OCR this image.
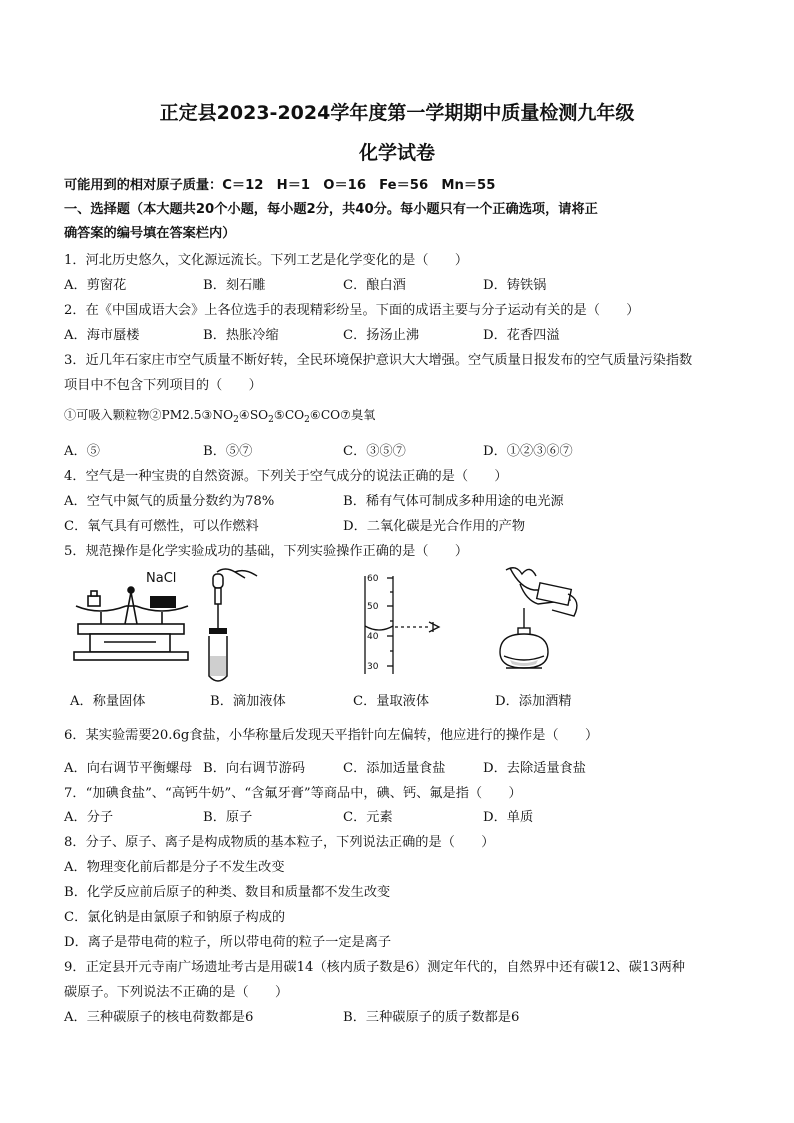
正定县2023-2024学年度第一学期期中质量检测九年级
化学试卷
可能用到的相对原子质量：C＝12　H＝1　O＝16　Fe＝56　Mn＝55
一、选择题（本大题共20个小题，每小题2分，共40分。每小题只有一个正确选项，请将正
确答案的编号填在答案栏内）
1．河北历史悠久，文化源远流长。下列工艺是化学变化的是（　　）
A．剪窗花	B．刻石雕	C．酿白酒	D．铸铁锅
2．在《中国成语大会》上各位选手的表现精彩纷呈。下面的成语主要与分子运动有关的是（　　）
A．海市蜃楼	B．热胀冷缩	C．扬汤止沸	D．花香四溢
3．近几年石家庄市空气质量不断好转，全民环境保护意识大大增强。空气质量日报发布的空气质量污染指数
项目中不包含下列项目的（　　）
①可吸入颗粒物$②PM2.5③NO_2④SO_2⑤CO_2⑥CO⑦$臭氧
A．⑤	B．⑤⑦	C．③⑤⑦	D．①②③⑥⑦
4．空气是一种宝贵的自然资源。下列关于空气成分的说法正确的是（　　）
A．空气中氮气的质量分数约为78%	B．稀有气体可制成多种用途的电光源
C．氧气具有可燃性，可以作燃料	D．二氧化碳是光合作用的产物
5．规范操作是化学实验成功的基础，下列实验操作正确的是（　　）
NaCl	60
50
40
30
A．称量固体	B．滴加液体	C．量取液体	D．添加酒精
6．某实验需要20.6g食盐，小华称量后发现天平指针向左偏转，他应进行的操作是（　　）
A．向右调节平衡螺母 B．向右调节游码	C．添加适量食盐	D．去除适量食盐
7．“加碘食盐”、“高钙牛奶”、“含氟牙膏”等商品中，碘、钙、氟是指（　　）
A．分子	B．原子	C．元素	D．单质
8．分子、原子、离子是构成物质的基本粒子，下列说法正确的是（　　）
A．物理变化前后都是分子不发生改变
B．化学反应前后原子的种类、数目和质量都不发生改变
C．氯化钠是由氯原子和钠原子构成的
D．离子是带电荷的粒子，所以带电荷的粒子一定是离子
9．正定县开元寺南广场遗址考古是用碳14（核内质子数是6）测定年代的，自然界中还有碳12、碳13两种
碳原子。下列说法不正确的是（　　）
A．三种碳原子的核电荷数都是6	B．三种碳原子的质子数都是6
